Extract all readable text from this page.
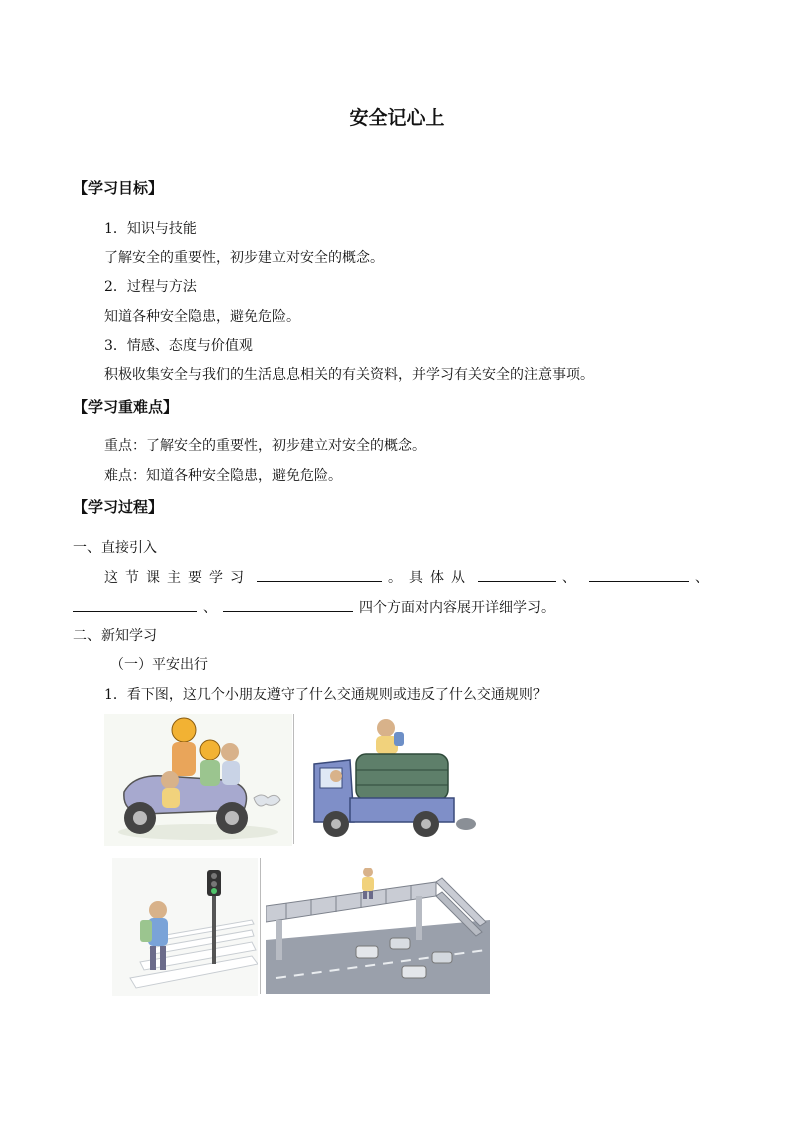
安全记心上
【学习目标】
1．知识与技能
了解安全的重要性，初步建立对安全的概念。
2．过程与方法
知道各种安全隐患，避免危险。
3．情感、态度与价值观
积极收集安全与我们的生活息息相关的有关资料，并学习有关安全的注意事项。
【学习重难点】
重点：了解安全的重要性，初步建立对安全的概念。
难点：知道各种安全隐患，避免危险。
【学习过程】
一、直接引入
这节课主要学习	。具体从	、	、
、	四个方面对内容展开详细学习。
二、新知学习
（一）平安出行
1．看下图，这几个小朋友遵守了什么交通规则或违反了什么交通规则？
